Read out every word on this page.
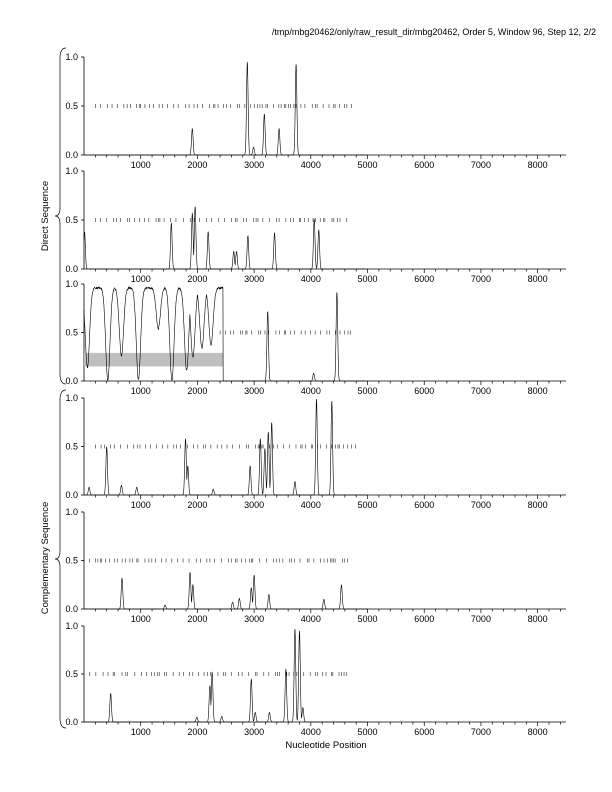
/tmp/mbg20462/only/raw_result_dir/mbg20462, Order 5, Window 96, Step 12, 2/2
0.0
0.5
1.0
1000	2000	3000	4000	5000	6000	7000	8000
0.0
0.5
1.0
1000	2000	3000	4000	5000	6000	7000	8000
0.0
0.5
1.0
1000	2000	3000	4000	5000	6000	7000	8000
0.0
0.5
1.0
1000	2000	3000	4000	5000	6000	7000	8000
0.0
0.5
1.0
1000	2000	3000	4000	5000	6000	7000	8000
0.0
0.5
1.0
1000	2000	3000	4000	5000	6000	7000	8000
Direct Sequence
Complementary Sequence
Nucleotide Position
